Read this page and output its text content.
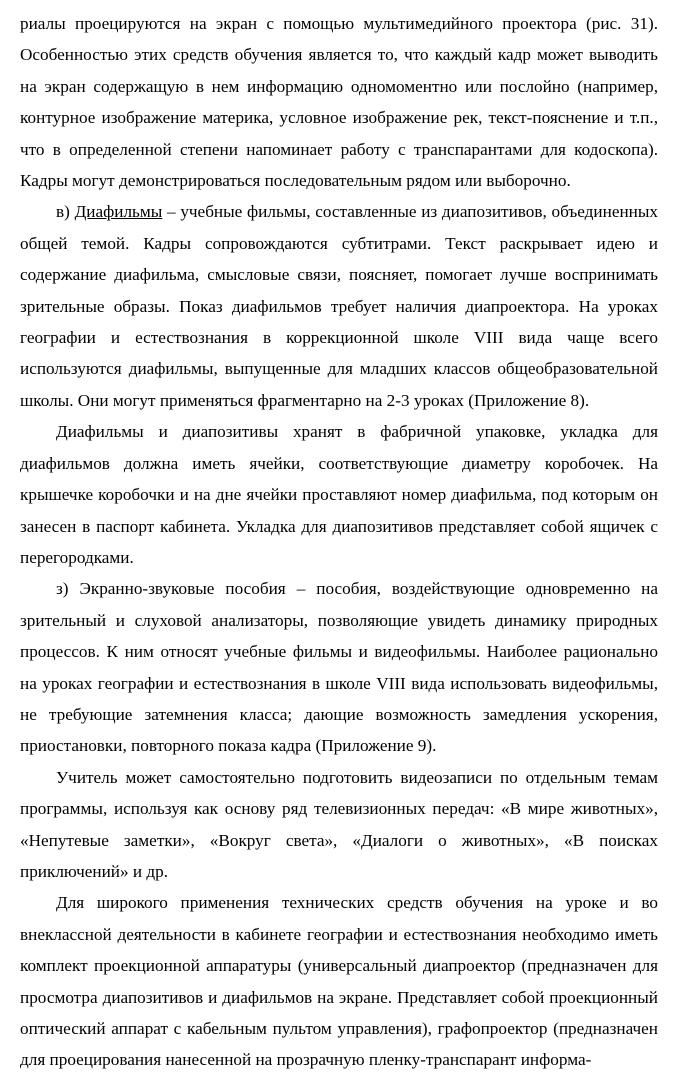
риалы проецируются на экран с помощью мультимедийного проектора (рис. 31). Особенностью этих средств обучения является то, что каждый кадр может выводить на экран содержащую в нем информацию одномоментно или послойно (например, контурное изображение материка, условное изображение рек, текст-пояснение и т.п., что в определенной степени напоминает работу с транспарантами для кодоскопа). Кадры могут демонстрироваться последовательным рядом или выборочно.

в) Диафильмы – учебные фильмы, составленные из диапозитивов, объединенных общей темой. Кадры сопровождаются субтитрами. Текст раскрывает идею и содержание диафильма, смысловые связи, поясняет, помогает лучше воспринимать зрительные образы. Показ диафильмов требует наличия диапроектора. На уроках географии и естествознания в коррекционной школе VIII вида чаще всего используются диафильмы, выпущенные для младших классов общеобразовательной школы. Они могут применяться фрагментарно на 2-3 уроках (Приложение 8).

Диафильмы и диапозитивы хранят в фабричной упаковке, укладка для диафильмов должна иметь ячейки, соответствующие диаметру коробочек. На крышечке коробочки и на дне ячейки проставляют номер диафильма, под которым он занесен в паспорт кабинета. Укладка для диапозитивов представляет собой ящичек с перегородками.

з) Экранно-звуковые пособия – пособия, воздействующие одновременно на зрительный и слуховой анализаторы, позволяющие увидеть динамику природных процессов. К ним относят учебные фильмы и видеофильмы. Наиболее рационально на уроках географии и естествознания в школе VIII вида использовать видеофильмы, не требующие затемнения класса; дающие возможность замедления ускорения, приостановки, повторного показа кадра (Приложение 9).

Учитель может самостоятельно подготовить видеозаписи по отдельным темам программы, используя как основу ряд телевизионных передач: «В мире животных», «Непутевые заметки», «Вокруг света», «Диалоги о животных», «В поисках приключений» и др.

Для широкого применения технических средств обучения на уроке и во внеклассной деятельности в кабинете географии и естествознания необходимо иметь комплект проекционной аппаратуры (универсальный диапроектор (предназначен для просмотра диапозитивов и диафильмов на экране. Представляет собой проекционный оптический аппарат с кабельным пультом управления), графопроектор (предназначен для проецирования нанесенной на прозрачную пленку-транспарант информа-
